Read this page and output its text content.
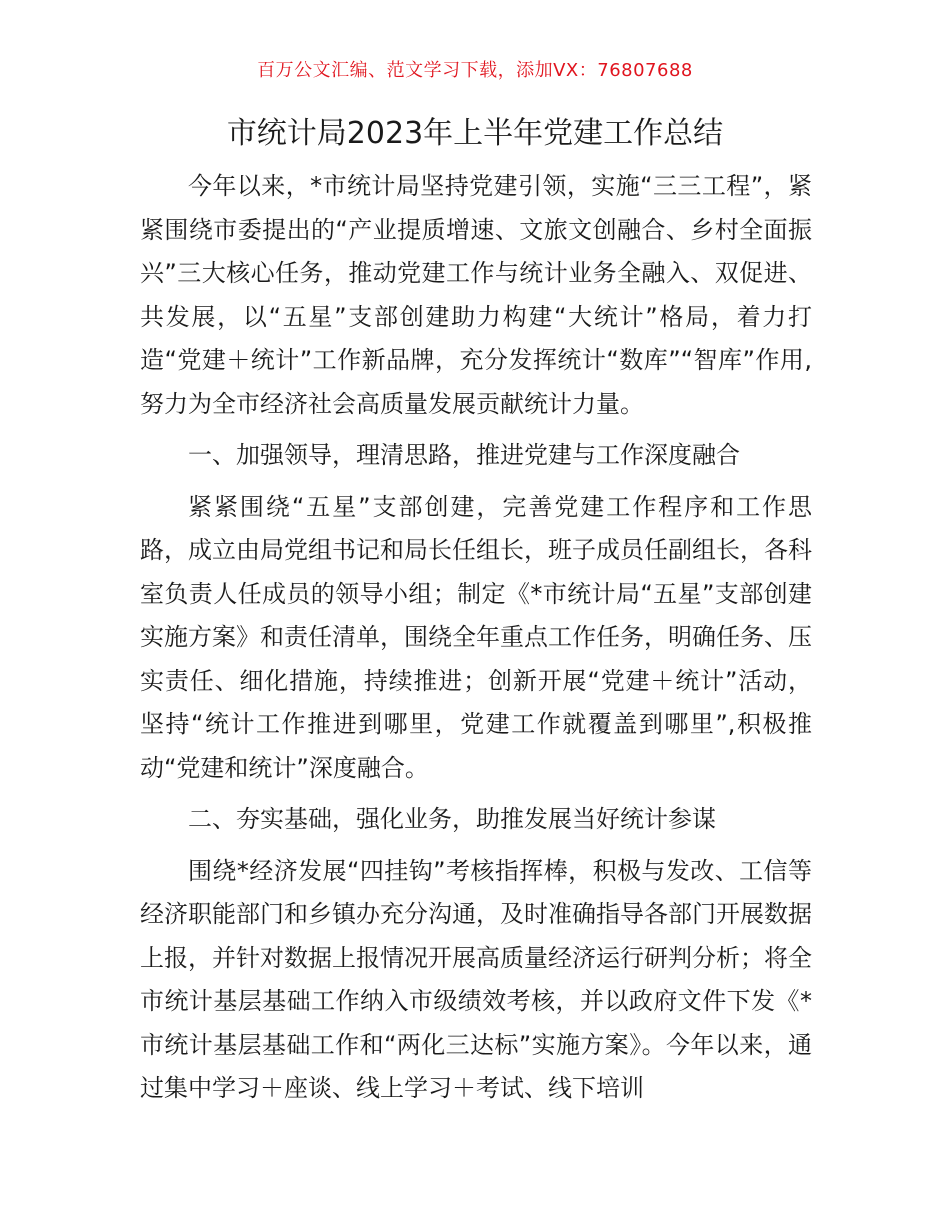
百万公文汇编、范文学习下载，添加VX：76807688
市统计局2023年上半年党建工作总结

今年以来，*市统计局坚持党建引领，实施“三三工程”，紧紧围绕市委提出的“产业提质增速、文旅文创融合、乡村全面振兴”三大核心任务，推动党建工作与统计业务全融入、双促进、共发展，以“五星”支部创建助力构建“大统计”格局，着力打造“党建＋统计”工作新品牌，充分发挥统计“数库”“智库”作用,努力为全市经济社会高质量发展贡献统计力量。

一、加强领导，理清思路，推进党建与工作深度融合

紧紧围绕“五星”支部创建，完善党建工作程序和工作思路，成立由局党组书记和局长任组长，班子成员任副组长，各科室负责人任成员的领导小组；制定《*市统计局“五星”支部创建实施方案》和责任清单，围绕全年重点工作任务，明确任务、压实责任、细化措施，持续推进；创新开展“党建＋统计”活动，坚持“统计工作推进到哪里，党建工作就覆盖到哪里”,积极推动“党建和统计”深度融合。

二、夯实基础，强化业务，助推发展当好统计参谋

围绕*经济发展“四挂钩”考核指挥棒，积极与发改、工信等经济职能部门和乡镇办充分沟通，及时准确指导各部门开展数据上报，并针对数据上报情况开展高质量经济运行研判分析；将全市统计基层基础工作纳入市级绩效考核，并以政府文件下发《*市统计基层基础工作和“两化三达标”实施方案》。今年以来，通过集中学习＋座谈、线上学习＋考试、线下培训
